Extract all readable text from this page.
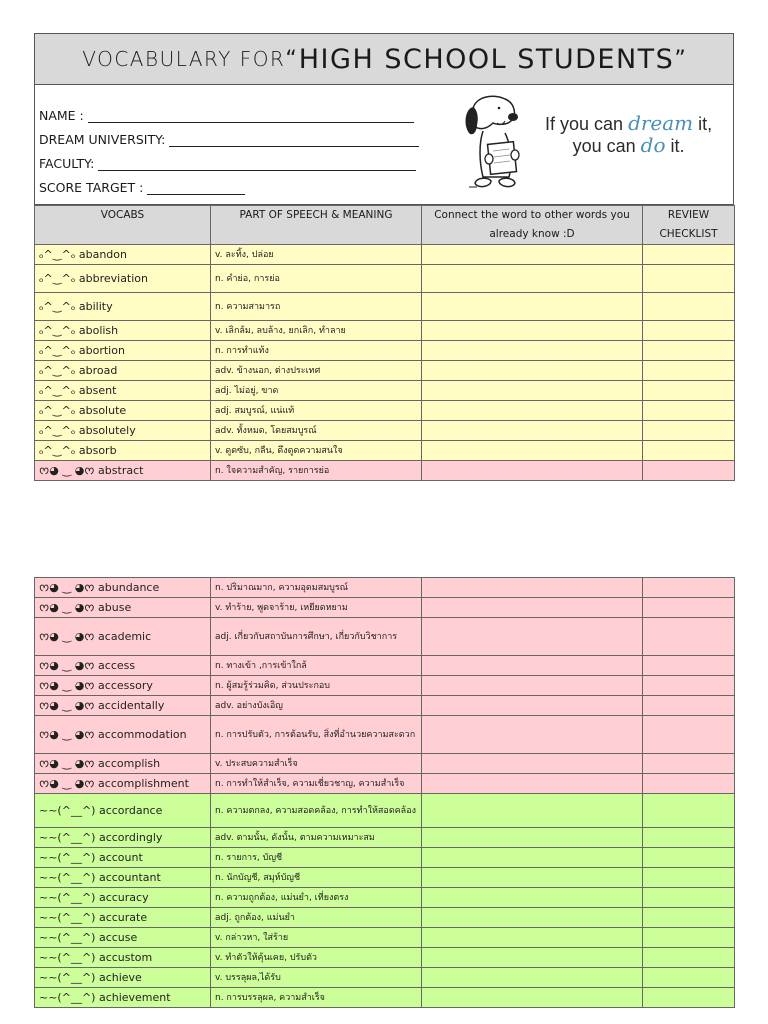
VOCABULARY FOR “ HIGH SCHOOL STUDENTS ”
NAME :
DREAM UNIVERSITY:
FACULTY:
SCORE TARGET :
If you can dream it,
you can do it.
VOCABS	PART OF SPEECH & MEANING	Connect the word to other words you already know :D	REVIEW CHECKLIST
ₒ^‿^ₒ abandon	v. ละทิ้ง, ปล่อย		
ₒ^‿^ₒ abbreviation	n. คำย่อ, การย่อ		
ₒ^‿^ₒ ability	n. ความสามารถ		
ₒ^‿^ₒ abolish	v. เลิกล้ม, ลบล้าง, ยกเลิก, ทำลาย		
ₒ^‿^ₒ abortion	n. การทำแท้ง		
ₒ^‿^ₒ abroad	adv. ข้างนอก, ต่างประเทศ		
ₒ^‿^ₒ absent	adj. ไม่อยู่, ขาด		
ₒ^‿^ₒ absolute	adj. สมบูรณ์, แน่แท้		
ₒ^‿^ₒ absolutely	adv. ทั้งหมด, โดยสมบูรณ์		
ₒ^‿^ₒ absorb	v. ดูดซับ, กลืน, ดึงดูดความสนใจ		
ᰔ◕ ‿ ◕ᰔ abstract	n. ใจความสำคัญ, รายการย่อ		
ᰔ◕ ‿ ◕ᰔ abundance	n. ปริมาณมาก, ความอุดมสมบูรณ์		
ᰔ◕ ‿ ◕ᰔ abuse	v. ทำร้าย, พูดจาร้าย, เหยียดหยาม		
ᰔ◕ ‿ ◕ᰔ academic	adj. เกี่ยวกับสถาบันการศึกษา, เกี่ยวกับวิชาการ		
ᰔ◕ ‿ ◕ᰔ access	n. ทางเข้า ,การเข้าใกล้		
ᰔ◕ ‿ ◕ᰔ accessory	n. ผู้สมรู้ร่วมคิด, ส่วนประกอบ		
ᰔ◕ ‿ ◕ᰔ accidentally	adv. อย่างบังเอิญ		
ᰔ◕ ‿ ◕ᰔ accommodation	n. การปรับตัว, การต้อนรับ, สิ่งที่อำนวยความสะดวก		
ᰔ◕ ‿ ◕ᰔ accomplish	v. ประสบความสำเร็จ		
ᰔ◕ ‿ ◕ᰔ accomplishment	n. การทำให้สำเร็จ, ความเชี่ยวชาญ, ความสำเร็จ		
~~(^__^) accordance	n. ความตกลง, ความสอดคล้อง, การทำให้สอดคล้อง		
~~(^__^) accordingly	adv. ตามนั้น, ดังนั้น, ตามความเหมาะสม		
~~(^__^) account	n. รายการ, บัญชี		
~~(^__^) accountant	n. นักบัญชี, สมุห์บัญชี		
~~(^__^) accuracy	n. ความถูกต้อง, แม่นยำ, เที่ยงตรง		
~~(^__^) accurate	adj. ถูกต้อง, แม่นยำ		
~~(^__^) accuse	v. กล่าวหา, ใส่ร้าย		
~~(^__^) accustom	v. ทำตัวให้คุ้นเคย, ปรับตัว		
~~(^__^) achieve	v. บรรลุผล,ได้รับ		
~~(^__^) achievement	n. การบรรลุผล, ความสำเร็จ		
